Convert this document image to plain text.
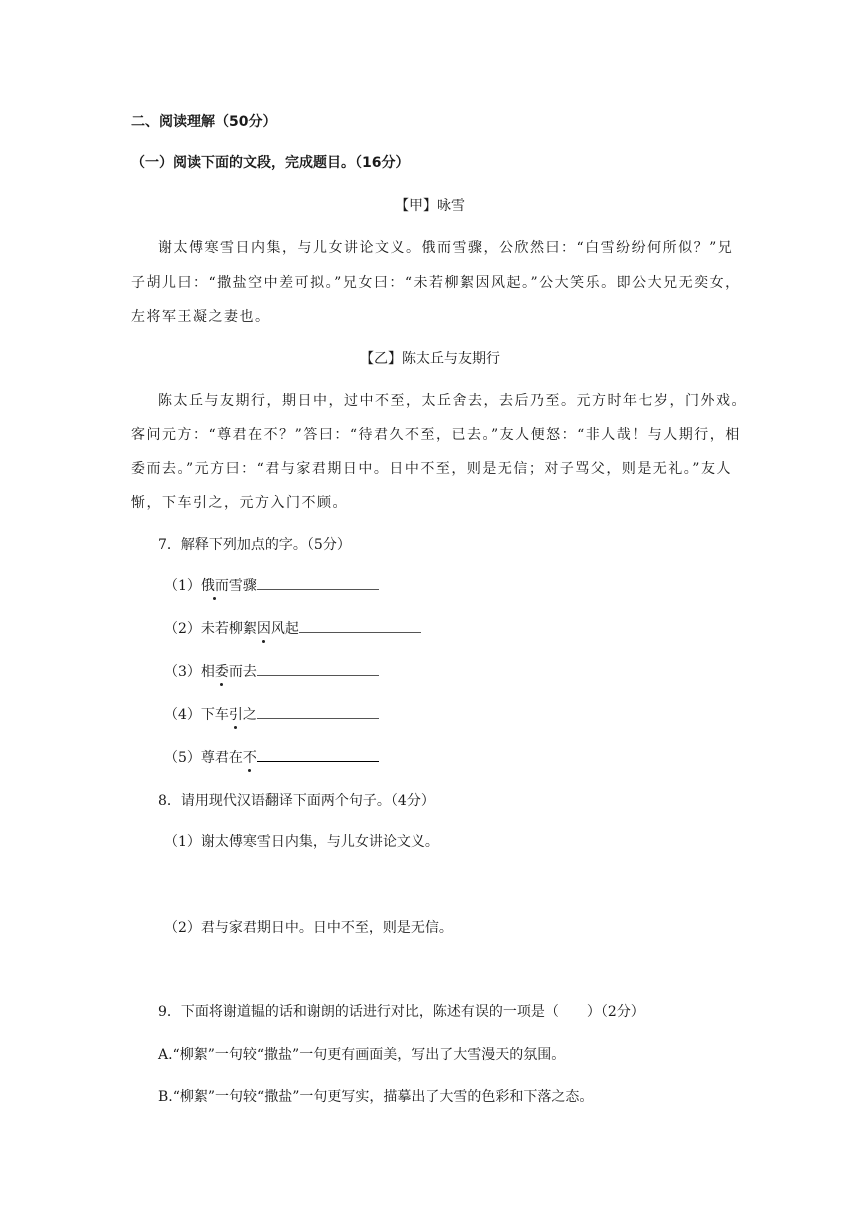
二、阅读理解（50分）
（一）阅读下面的文段，完成题目。（16分）
【甲】咏雪
谢太傅寒雪日内集，与儿女讲论文义。俄而雪骤，公欣然曰：“白雪纷纷何所似？”兄
子胡儿曰：“撒盐空中差可拟。”兄女曰：“未若柳絮因风起。”公大笑乐。即公大兄无奕女，
左将军王凝之妻也。
【乙】陈太丘与友期行
陈太丘与友期行，期日中，过中不至，太丘舍去，去后乃至。元方时年七岁，门外戏。
客问元方：“尊君在不？”答曰：“待君久不至，已去。”友人便怒：“非人哉！与人期行，相
委而去。”元方曰：“君与家君期日中。日中不至，则是无信；对子骂父，则是无礼。”友人
惭，下车引之，元方入门不顾。
7．解释下列加点的字。（5分）
（1）俄而雪骤
（2）未若柳絮因风起
（3）相委而去
（4）下车引之
（5）尊君在不
8．请用现代汉语翻译下面两个句子。（4分）
（1）谢太傅寒雪日内集，与儿女讲论文义。
（2）君与家君期日中。日中不至，则是无信。
9．下面将谢道韫的话和谢朗的话进行对比，陈述有误的一项是（　　）（2分）
A.“柳絮”一句较“撒盐”一句更有画面美，写出了大雪漫天的氛围。
B.“柳絮”一句较“撒盐”一句更写实，描摹出了大雪的色彩和下落之态。
